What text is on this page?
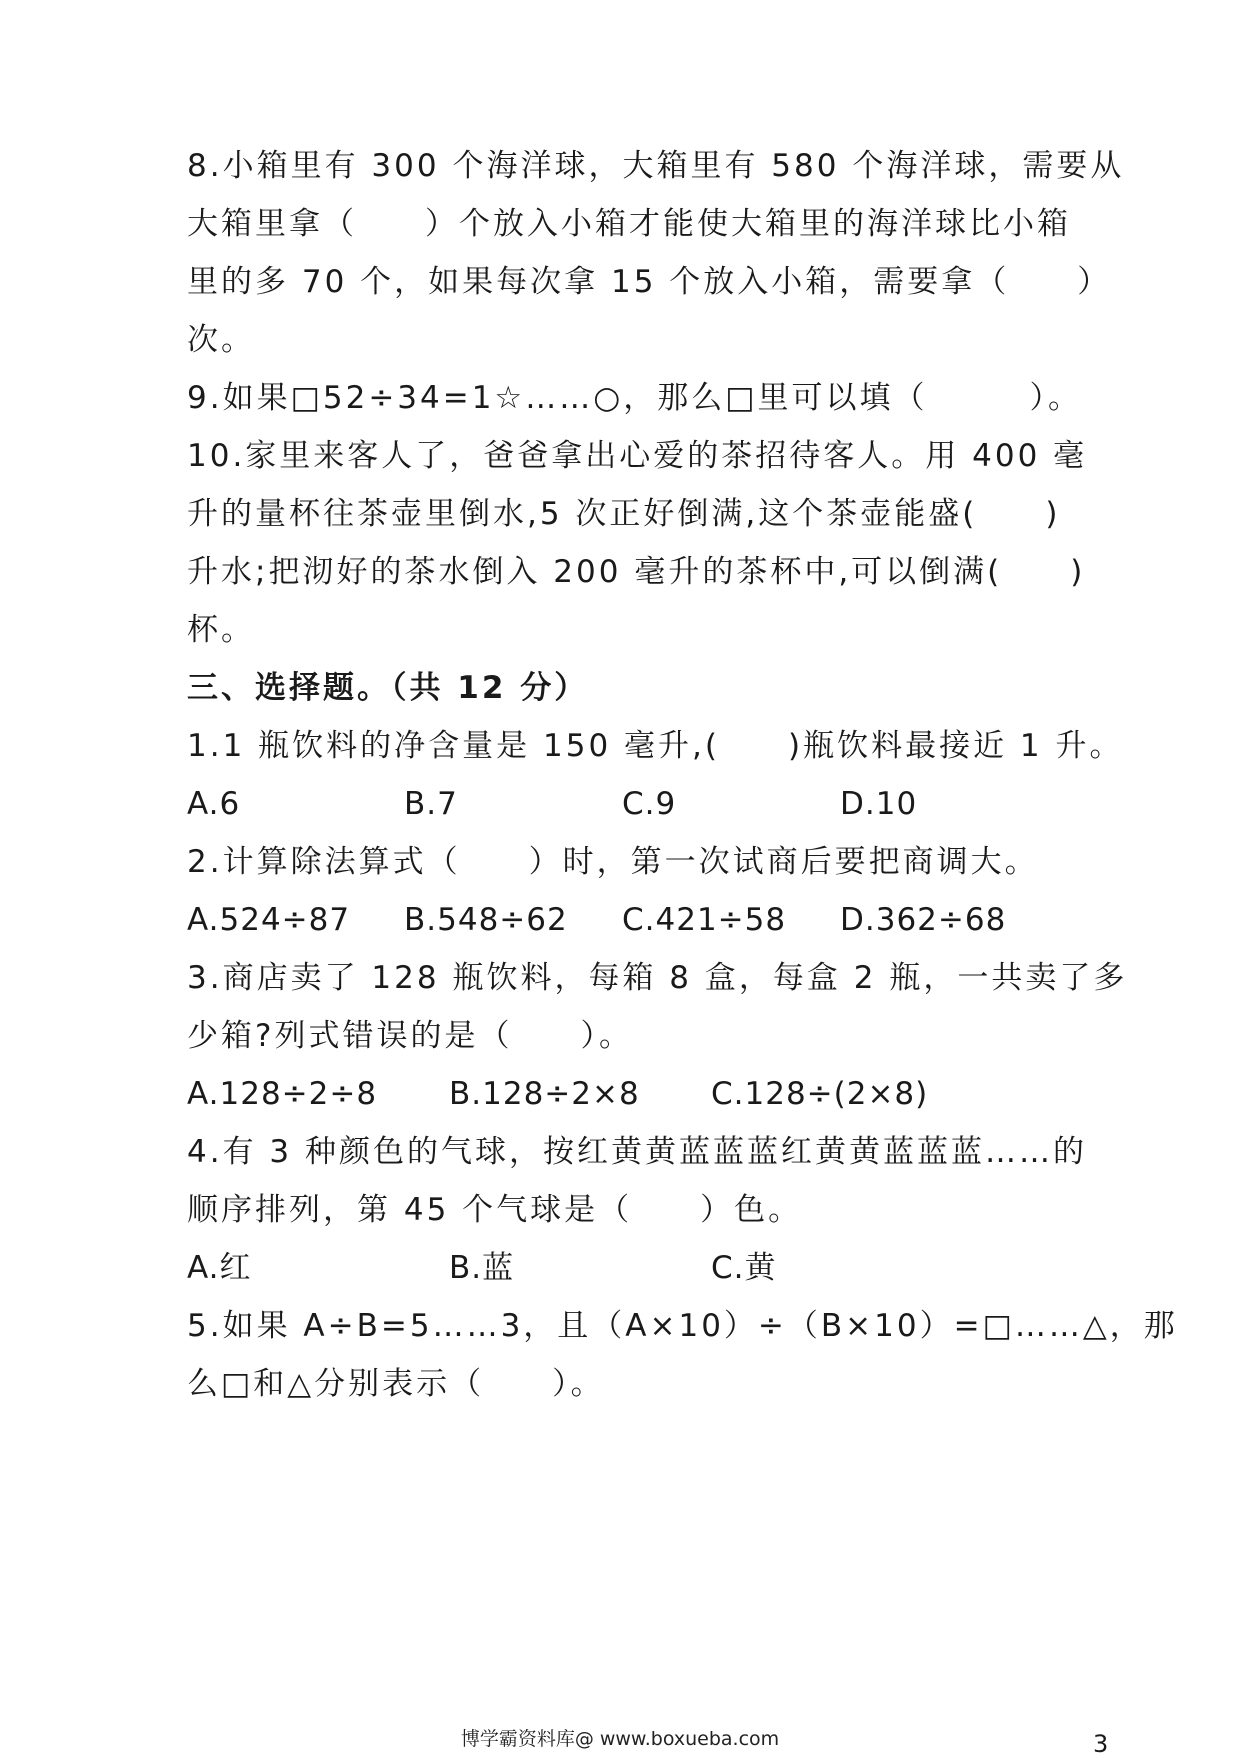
8.小箱里有 300 个海洋球，大箱里有 580 个海洋球，需要从
大箱里拿（　　）个放入小箱才能使大箱里的海洋球比小箱
里的多 70 个，如果每次拿 15 个放入小箱，需要拿（　　）
次。
9.如果□52÷34=1☆……○，那么□里可以填（　　　）。
10.家里来客人了，爸爸拿出心爱的茶招待客人。用 400 毫
升的量杯往茶壶里倒水,5 次正好倒满,这个茶壶能盛(　　)
升水;把沏好的茶水倒入 200 毫升的茶杯中,可以倒满(　　)
杯。
三、选择题。（共 12 分）
1.1 瓶饮料的净含量是 150 毫升,(　　)瓶饮料最接近 1 升。
A.6	B.7	C.9	D.10
2.计算除法算式（　　）时，第一次试商后要把商调大。
A.524÷87 B.548÷62 C.421÷58 D.362÷68
3.商店卖了 128 瓶饮料，每箱 8 盒，每盒 2 瓶，一共卖了多
少箱?列式错误的是（　　）。
A.128÷2÷8 B.128÷2×8 C.128÷(2×8)
4.有 3 种颜色的气球，按红黄黄蓝蓝蓝红黄黄蓝蓝蓝……的
顺序排列，第 45 个气球是（　　）色。
A.红	B.蓝	C.黄
5.如果 A÷B=5……3，且（A×10）÷（B×10）=□……△，那
么□和△分别表示（　　）。
3
博学霸资料库@ www.boxueba.com
